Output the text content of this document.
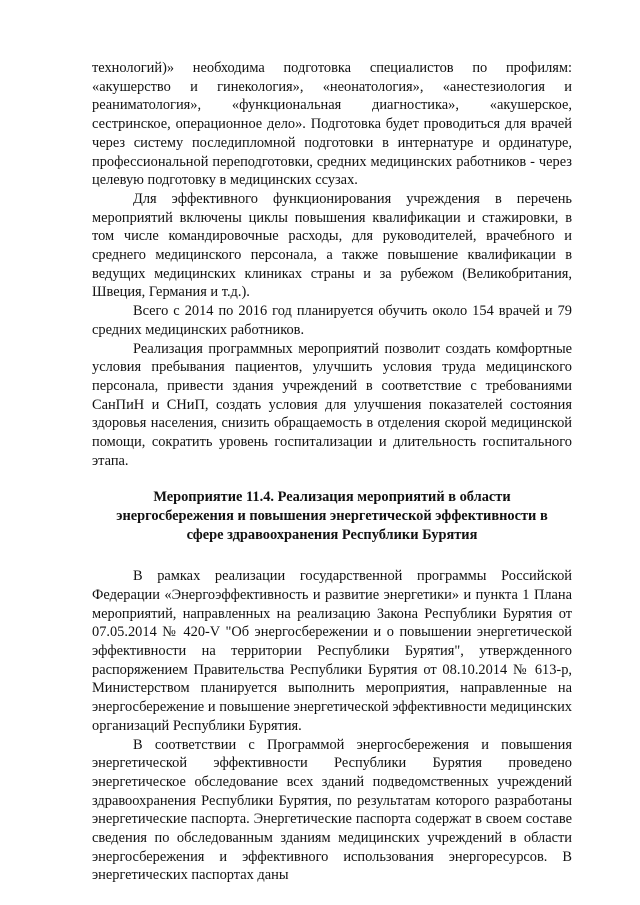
технологий)» необходима подготовка специалистов по профилям: «акушерство и гинекология», «неонатология», «анестезиология и реаниматология», «функциональная диагностика», «акушерское, сестринское, операционное дело». Подготовка будет проводиться для врачей через систему последипломной подготовки в интернатуре и ординатуре, профессиональной переподготовки, средних медицинских работников - через целевую подготовку в медицинских ссузах.

Для эффективного функционирования учреждения в перечень мероприятий включены циклы повышения квалификации и стажировки, в том числе командировочные расходы, для руководителей, врачебного и среднего медицинского персонала, а также повышение квалификации в ведущих медицинских клиниках страны и за рубежом (Великобритания, Швеция, Германия и т.д.).

Всего с 2014 по 2016 год планируется обучить около 154 врачей и 79 средних медицинских работников.

Реализация программных мероприятий позволит создать комфортные условия пребывания пациентов, улучшить условия труда медицинского персонала, привести здания учреждений в соответствие с требованиями СанПиН и СНиП, создать условия для улучшения показателей состояния здоровья населения, снизить обращаемость в отделения скорой медицинской помощи, сократить уровень госпитализации и длительность госпитального этапа.

Мероприятие 11.4. Реализация мероприятий в области
энергосбережения и повышения энергетической эффективности в
сфере здравоохранения Республики Бурятия

В рамках реализации государственной программы Российской Федерации «Энергоэффективность и развитие энергетики» и пункта 1 Плана мероприятий, направленных на реализацию Закона Республики Бурятия от 07.05.2014 № 420-V "Об энергосбережении и о повышении энергетической эффективности на территории Республики Бурятия", утвержденного распоряжением Правительства Республики Бурятия от 08.10.2014 № 613-р, Министерством планируется выполнить мероприятия, направленные на энергосбережение и повышение энергетической эффективности медицинских организаций Республики Бурятия.

В соответствии с Программой энергосбережения и повышения энергетической эффективности Республики Бурятия проведено энергетическое обследование всех зданий подведомственных учреждений здравоохранения Республики Бурятия, по результатам которого разработаны энергетические паспорта. Энергетические паспорта содержат в своем составе сведения по обследованным зданиям медицинских учреждений в области энергосбережения и эффективного использования энергоресурсов. В энергетических паспортах даны
